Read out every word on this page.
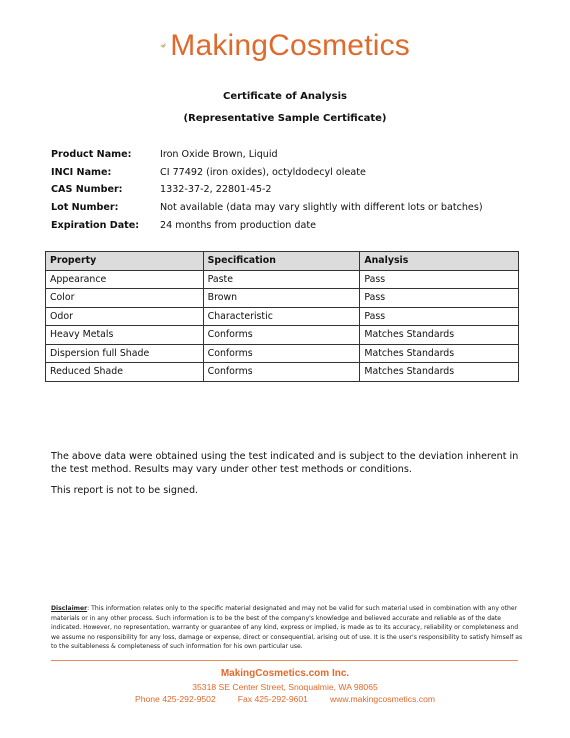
MakingCosmetics
Certificate of Analysis
(Representative Sample Certificate)
Product Name:	Iron Oxide Brown, Liquid
INCI Name:	CI 77492 (iron oxides), octyldodecyl oleate
CAS Number:	1332-37-2, 22801-45-2
Lot Number:	Not available (data may vary slightly with different lots or batches)
Expiration Date:	24 months from production date
Property	Specification	Analysis
Appearance	Paste	Pass
Color	Brown	Pass
Odor	Characteristic	Pass
Heavy Metals	Conforms	Matches Standards
Dispersion full Shade	Conforms	Matches Standards
Reduced Shade	Conforms	Matches Standards
The above data were obtained using the test indicated and is subject to the deviation inherent in the test method. Results may vary under other test methods or conditions.
This report is not to be signed.
Disclaimer: This information relates only to the specific material designated and may not be valid for such material used in combination with any other materials or in any other process. Such information is to be the best of the company's knowledge and believed accurate and reliable as of the date indicated. However, no representation, warranty or guarantee of any kind, express or implied, is made as to its accuracy, reliability or completeness and we assume no responsibility for any loss, damage or expense, direct or consequential, arising out of use. It is the user's responsibility to satisfy himself as to the suitableness & completeness of such information for his own particular use.
MakingCosmetics.com Inc.
35318 SE Center Street, Snoqualmie, WA 98065
Phone 425-292-9502	Fax 425-292-9601	www.makingcosmetics.com
